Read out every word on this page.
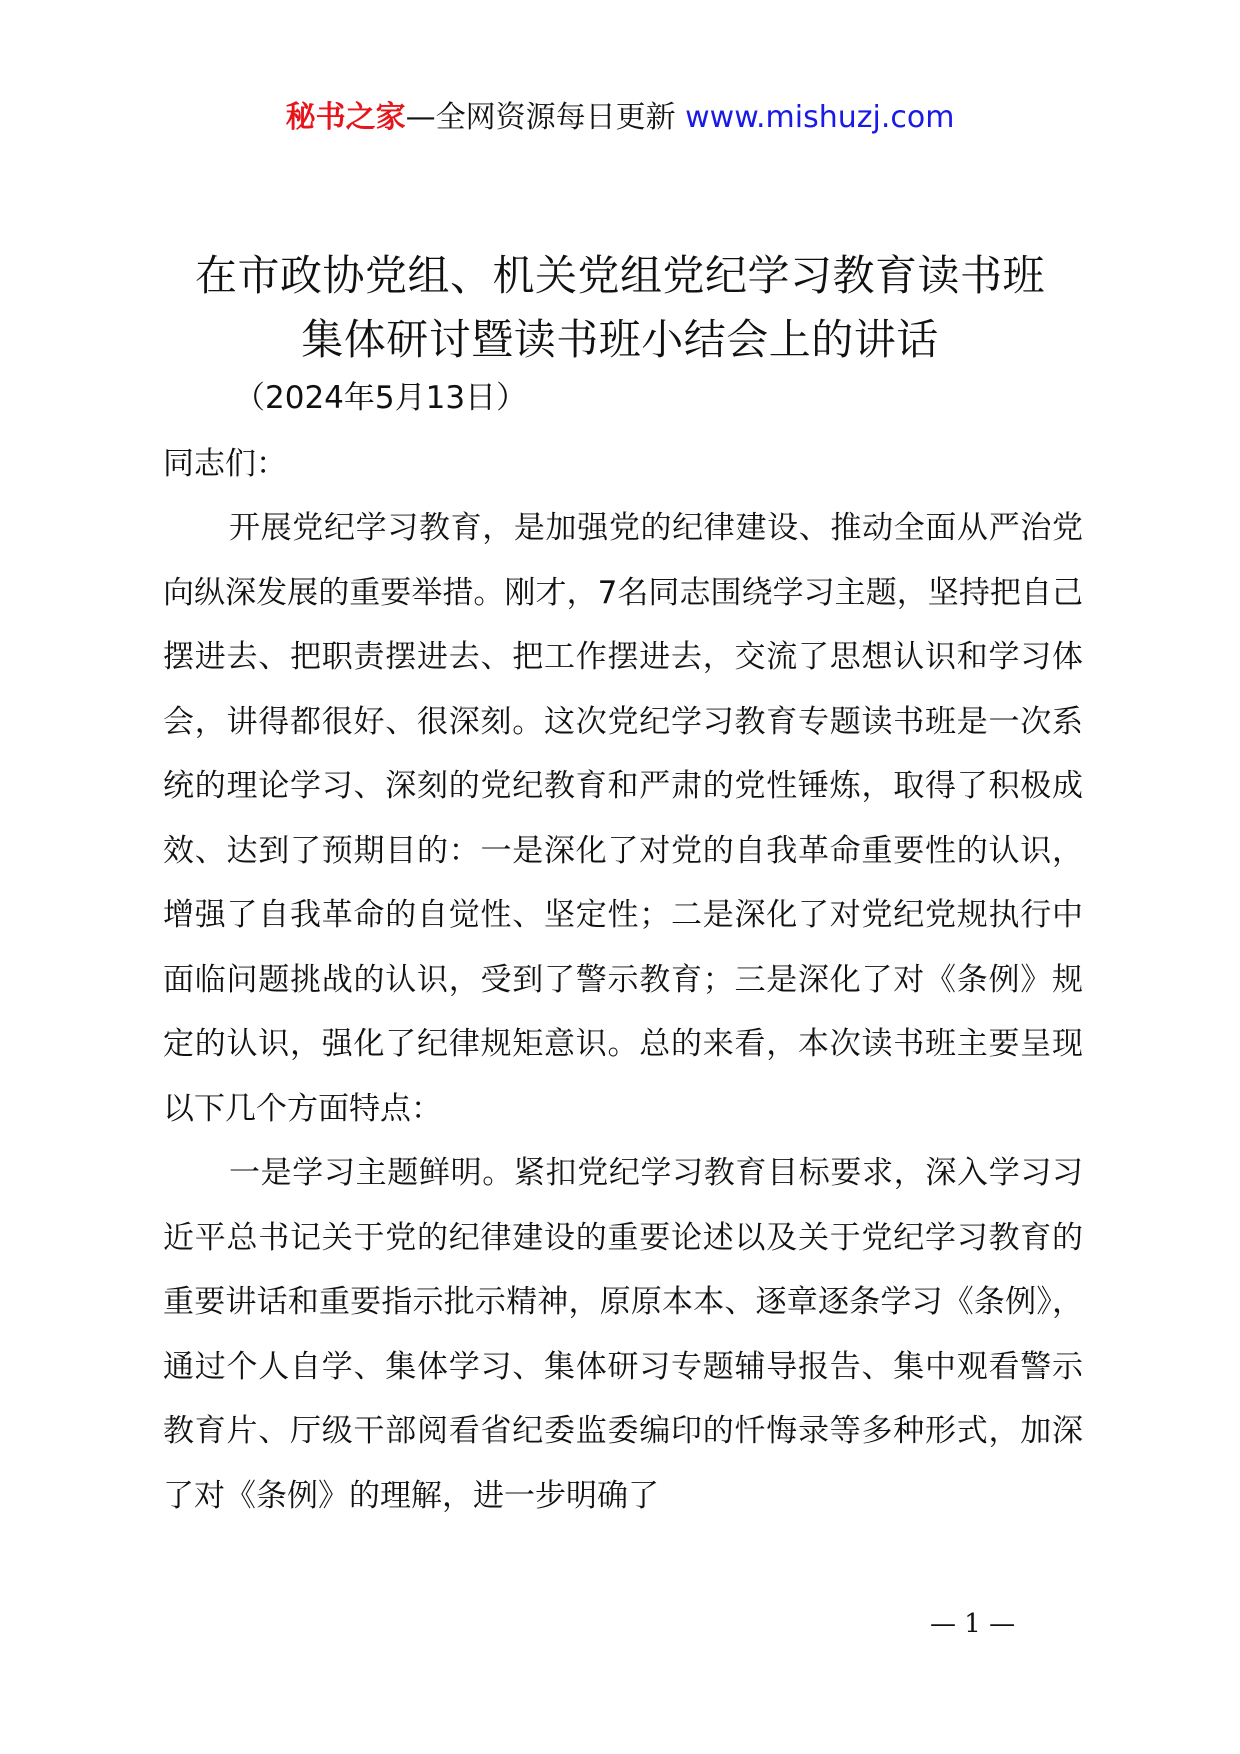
秘书之家—全网资源每日更新 www.mishuzj.com
在市政协党组、机关党组党纪学习教育读书班
集体研讨暨读书班小结会上的讲话
（2024年5月13日）
同志们：

开展党纪学习教育，是加强党的纪律建设、推动全面从严治党向纵深发展的重要举措。刚才，7名同志围绕学习主题，坚持把自己摆进去、把职责摆进去、把工作摆进去，交流了思想认识和学习体会，讲得都很好、很深刻。这次党纪学习教育专题读书班是一次系统的理论学习、深刻的党纪教育和严肃的党性锤炼，取得了积极成效、达到了预期目的：一是深化了对党的自我革命重要性的认识，增强了自我革命的自觉性、坚定性；二是深化了对党纪党规执行中面临问题挑战的认识，受到了警示教育；三是深化了对《条例》规定的认识，强化了纪律规矩意识。总的来看，本次读书班主要呈现以下几个方面特点：

一是学习主题鲜明。紧扣党纪学习教育目标要求，深入学习习近平总书记关于党的纪律建设的重要论述以及关于党纪学习教育的重要讲话和重要指示批示精神，原原本本、逐章逐条学习《条例》，通过个人自学、集体学习、集体研习专题辅导报告、集中观看警示教育片、厅级干部阅看省纪委监委编印的忏悔录等多种形式，加深了对《条例》的理解，进一步明确了

— 1 —
